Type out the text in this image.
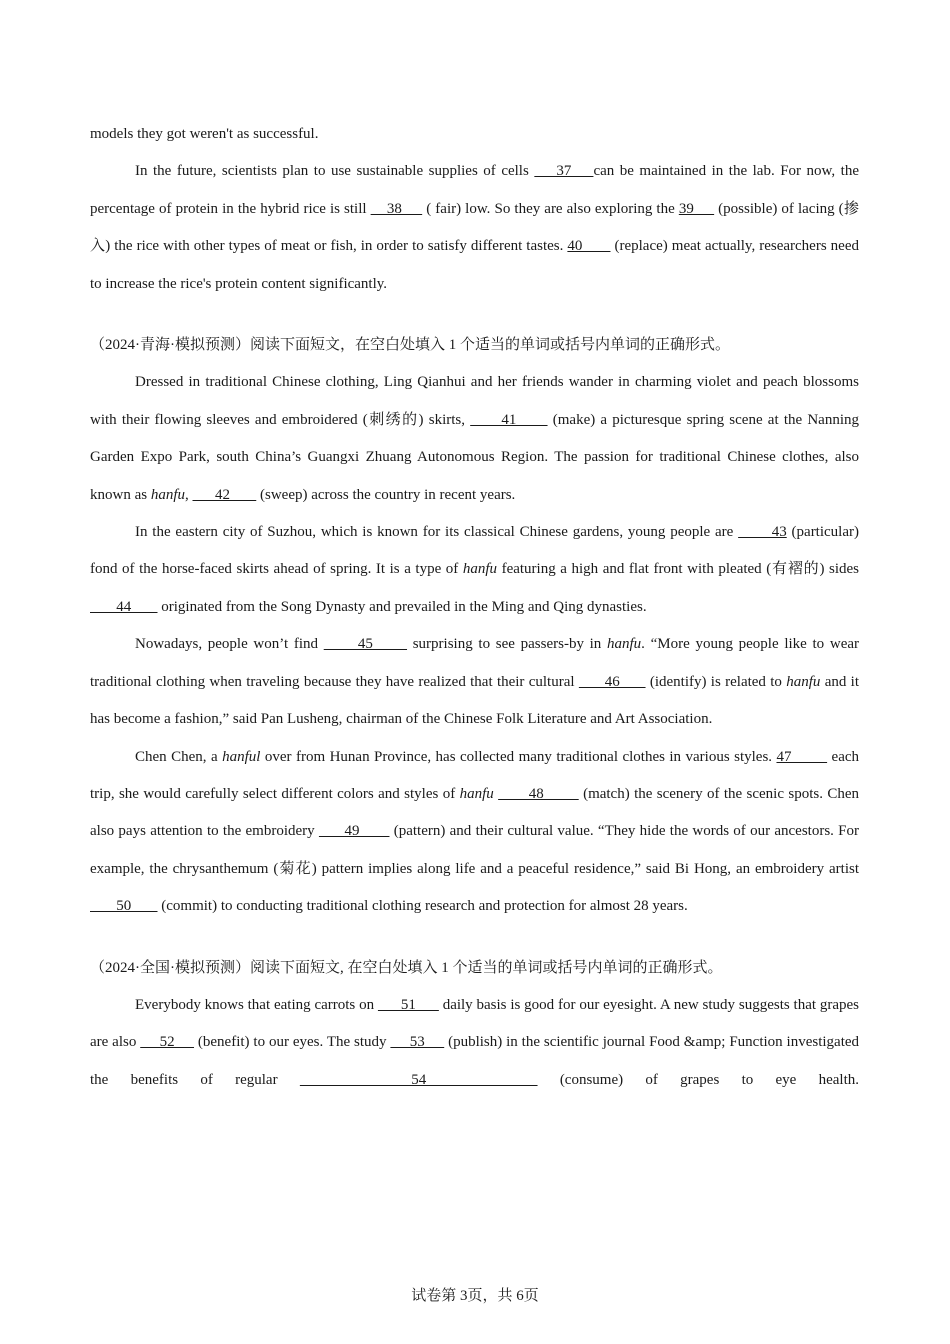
models they got weren't as successful.

In the future, scientists plan to use sustainable supplies of cells     37    can be maintained in the lab. For now, the percentage of protein in the hybrid rice is still     38      ( fair) low. So they are also exploring the 39      (possible) of lacing (掺入) the rice with other types of meat or fish, in order to satisfy different tastes. 40        (replace) meat actually, researchers need to increase the rice's protein content significantly.

（2024·青海·模拟预测）阅读下面短文，在空白处填入 1 个适当的单词或括号内单词的正确形式。

Dressed in traditional Chinese clothing, Ling Qianhui and her friends wander in charming violet and peach blossoms with their flowing sleeves and embroidered (刺绣的) skirts,       41       (make) a picturesque spring scene at the Nanning Garden Expo Park, south China’s Guangxi Zhuang Autonomous Region. The passion for traditional Chinese clothes, also known as hanfu,       42        (sweep) across the country in recent years.

In the eastern city of Suzhou, which is known for its classical Chinese gardens, young people are        43 (particular) fond of the horse-faced skirts ahead of spring. It is a type of hanfu featuring a high and flat front with pleated (有褶的) sides        44        originated from the Song Dynasty and prevailed in the Ming and Qing dynasties.

Nowadays, people won’t find       45       surprising to see passers-by in hanfu. “More young people like to wear traditional clothing when traveling because they have realized that their cultural       46       (identify) is related to hanfu and it has become a fashion,” said Pan Lusheng, chairman of the Chinese Folk Literature and Art Association.

Chen Chen, a hanful over from Hunan Province, has collected many traditional clothes in various styles. 47         each trip, she would carefully select different colors and styles of hanfu        48         (match) the scenery of the scenic spots. Chen also pays attention to the embroidery       49        (pattern) and their cultural value. “They hide the words of our ancestors. For example, the chrysanthemum (菊花) pattern implies along life and a peaceful residence,” said Bi Hong, an embroidery artist        50        (commit) to conducting traditional clothing research and protection for almost 28 years.

（2024·全国·模拟预测）阅读下面短文, 在空白处填入 1 个适当的单词或括号内单词的正确形式。

Everybody knows that eating carrots on       51       daily basis is good for our eyesight. A new study suggests that grapes are also      52      (benefit) to our eyes. The study      53      (publish) in the scientific journal Food &amp; Function investigated the benefits of regular      54      (consume) of grapes to eye health.

试卷第 3页，共 6页
